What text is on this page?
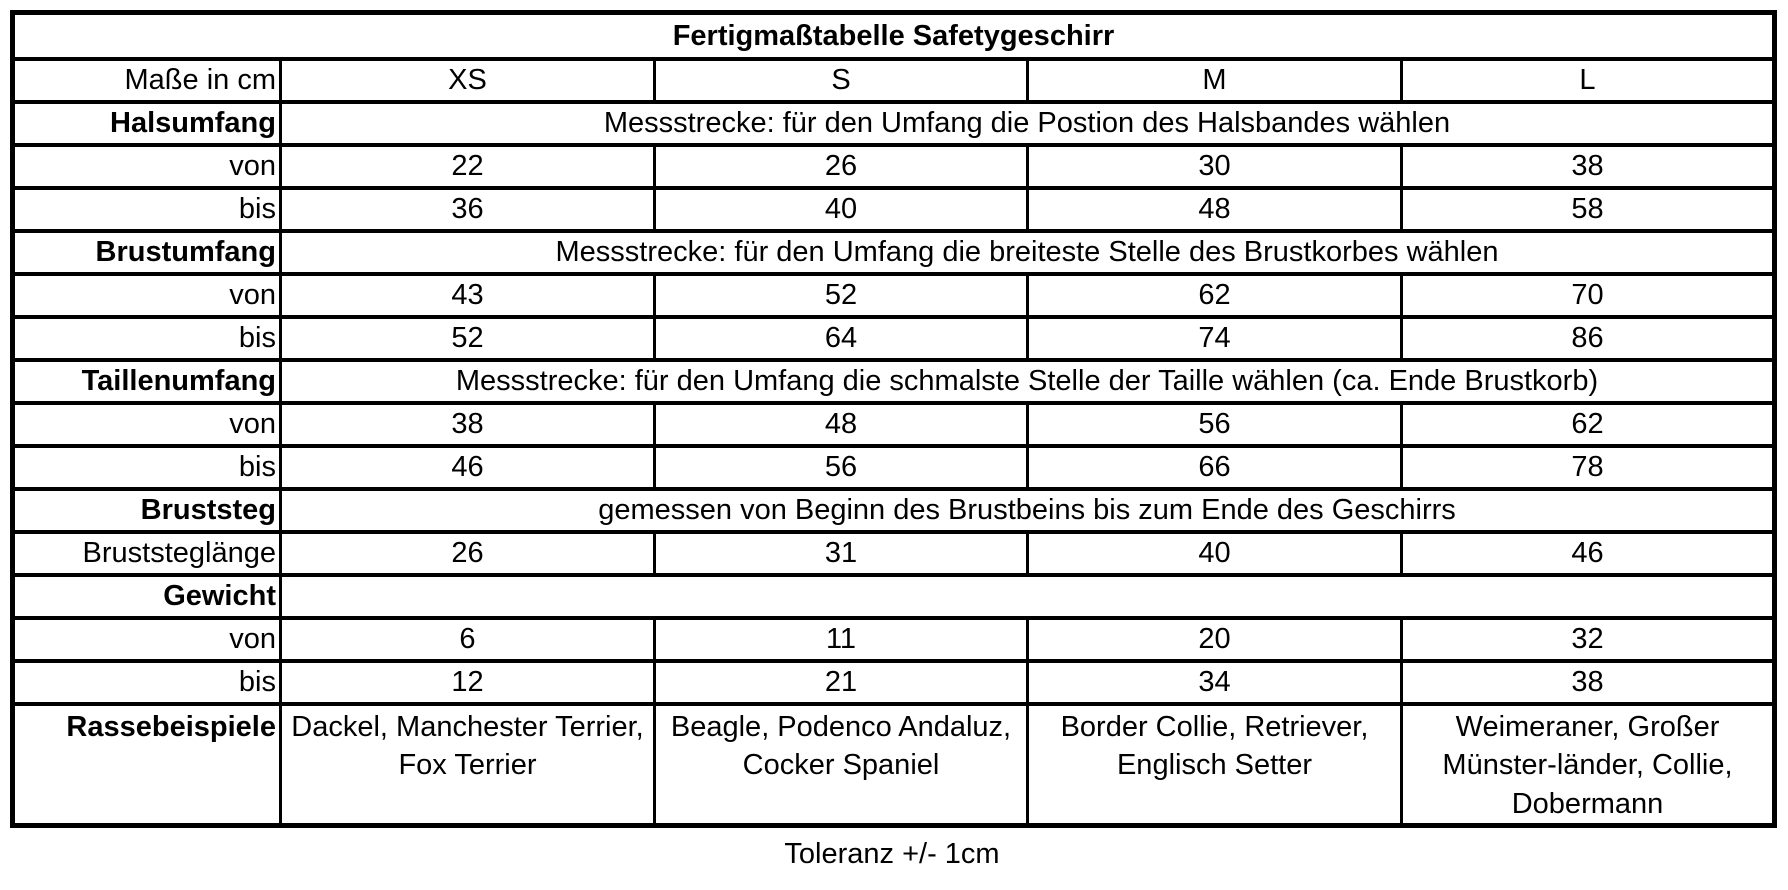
Fertigmaßtabelle Safetygeschirr				
Maße in cm	XS	S	M	L
Halsumfang	Messstrecke: für den Umfang die Postion des Halsbandes wählen			
von	22	26	30	38
bis	36	40	48	58
Brustumfang	Messstrecke: für den Umfang die breiteste Stelle des Brustkorbes wählen			
von	43	52	62	70
bis	52	64	74	86
Taillenumfang	Messstrecke: für den Umfang die schmalste Stelle der Taille wählen (ca. Ende Brustkorb)			
von	38	48	56	62
bis	46	56	66	78
Bruststeg	gemessen von Beginn des Brustbeins bis zum Ende des Geschirrs			
Bruststeglänge	26	31	40	46
Gewicht				
von	6	11	20	32
bis	12	21	34	38
Rassebeispiele	Dackel, Manchester Terrier, Fox Terrier	Beagle, Podenco Andaluz, Cocker Spaniel	Border Collie, Retriever, Englisch Setter	Weimeraner, Großer Münster-länder, Collie, Dobermann
Toleranz +/- 1cm
